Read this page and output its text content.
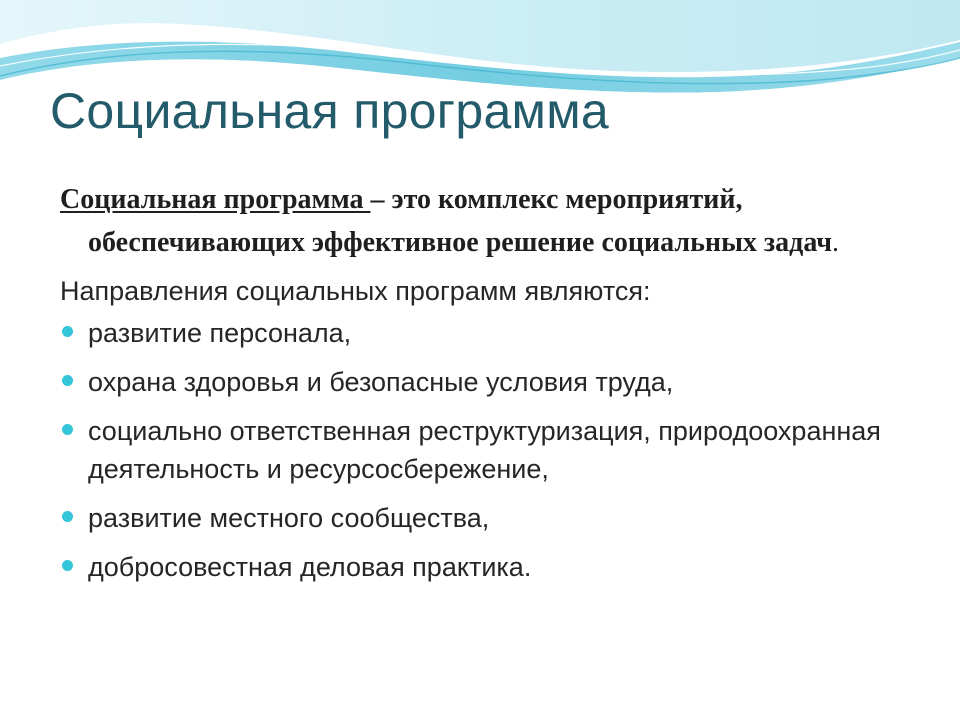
Социальная программа

Социальная программа – это комплекс мероприятий, обеспечивающих эффективное решение социальных задач.

Направления социальных программ являются:

развитие персонала,
охрана здоровья и безопасные условия труда,
социально ответственная реструктуризация, природоохранная деятельность и ресурсосбережение,
развитие местного сообщества,
добросовестная деловая практика.
